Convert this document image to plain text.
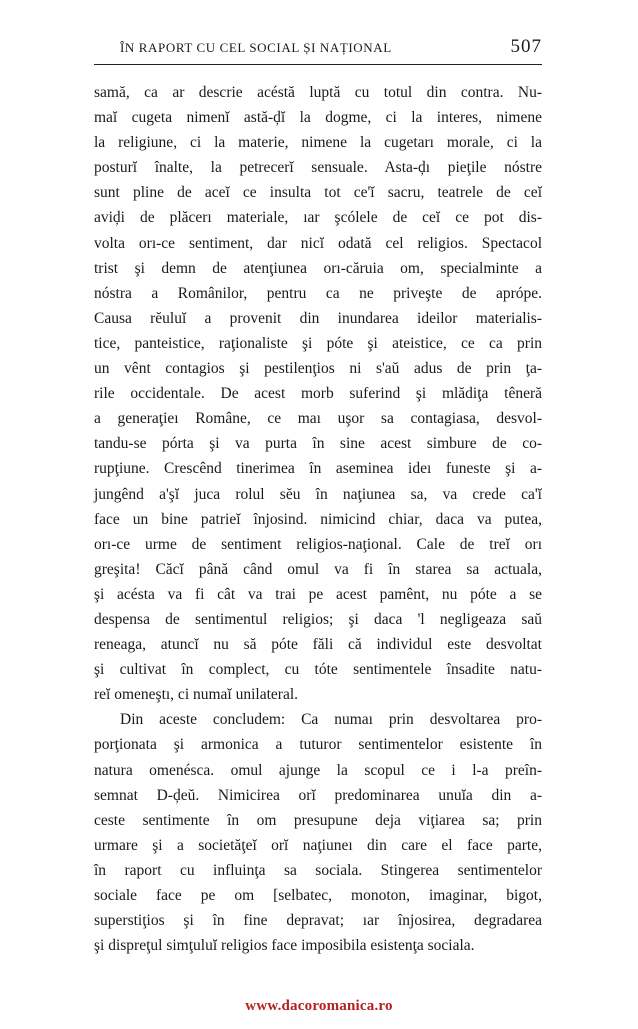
ÎN RAPORT CU CEL SOCIAL ȘI NAȚIONAL	507
samă, ca ar descrie acéstă luptă cu totul din contra. Nu-
maĭ cugeta nimenĭ astă-ḑĭ la dogme, ci la interes, nimene
la religiune, ci la materie, nimene la cugetarı morale, ci la
posturĭ înalte, la petrecerĭ sensuale. Asta-ḑı pieţile nóstre
sunt pline de aceĭ ce insulta tot ce'ĭ sacru, teatrele de ceĭ
aviḑi de plăcerı materiale, ıar şcólele de ceĭ ce pot dis-
volta orı-ce sentiment, dar nicĭ odată cel religios. Spectacol
trist şi demn de atenţiunea orı-căruia om, specialminte a
nóstra a Românilor, pentru ca ne priveşte de aprópe.
Causa rĕuluĭ a provenit din inundarea ideilor materialis-
tice, panteistice, raţionaliste şi póte şi ateistice, ce ca prin
un vênt contagios şi pestilenţios ni s'aŭ adus de prin ţa-
rile occidentale. De acest morb suferind şi mlădiţa têneră
a generaţieı Române, ce maı uşor sa contagiasa, desvol-
tandu-se pórta şi va purta în sine acest simbure de co-
rupţiune. Crescênd tinerimea în aseminea ideı funeste şi a-
jungênd a'şĭ juca rolul sĕu în naţiunea sa, va crede ca'ĭ
face un bine patrieĭ înjosind. nimicind chiar, daca va putea,
orı-ce urme de sentiment religios-naţional. Cale de treĭ orı
greşita! Căcĭ până când omul va fi în starea sa actuala,
şi acésta va fi cât va trai pe acest pamênt, nu póte a se
despensa de sentimentul religios; şi daca 'l negligeaza saŭ
reneaga, atuncĭ nu să póte făli că individul este desvoltat
şi cultivat în complect, cu tóte sentimentele însadite natu-
reĭ omeneştı, ci numaĭ unilateral.
Din aceste concludem: Ca numaı prin desvoltarea pro-
porţionata şi armonica a tuturor sentimentelor esistente în
natura omenéscа. omul ajunge la scopul ce i l-a preîn-
semnat D-ḑeŭ. Nimicirea orĭ predominarea unuĭa din a-
ceste sentimente în om presupune deja viţiarea sa; prin
urmare şi a societăţeĭ orĭ naţiuneı din care el face parte,
în raport cu influinţa sa sociala. Stingerea sentimentelor
sociale face pe om [selbatec, monoton, imaginar, bigot,
superstiţios şi în fine depravat; ıar înjosirea, degradarea
şi dispreţul simţuluĭ religios face imposibila esistenţa sociala.
www.dacoromanica.ro
